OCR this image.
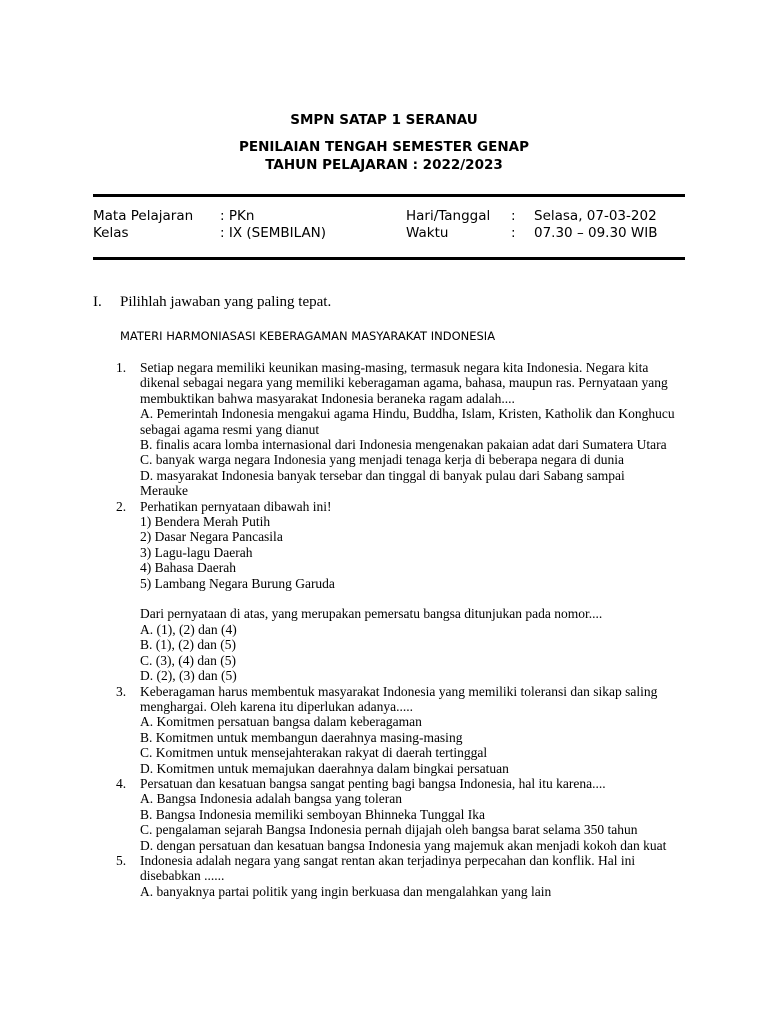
SMPN SATAP 1 SERANAU
PENILAIAN TENGAH SEMESTER GENAP
TAHUN PELAJARAN : 2022/2023
Mata Pelajaran : PKn	Hari/Tanggal : Selasa, 07-03-202
Kelas	: IX (SEMBILAN)	Waktu	: 07.30 – 09.30 WIB
I. Pilihlah jawaban yang paling tepat.
MATERI HARMONIASASI KEBERAGAMAN MASYARAKAT INDONESIA
1. Setiap negara memiliki keunikan masing-masing, termasuk negara kita Indonesia. Negara kita dikenal sebagai negara yang memiliki keberagaman agama, bahasa, maupun ras. Pernyataan yang membuktikan bahwa masyarakat Indonesia beraneka ragam adalah....
A. Pemerintah Indonesia mengakui agama Hindu, Buddha, Islam, Kristen, Katholik dan Konghucu sebagai agama resmi yang dianut
B. finalis acara lomba internasional dari Indonesia mengenakan pakaian adat dari Sumatera Utara
C. banyak warga negara Indonesia yang menjadi tenaga kerja di beberapa negara di dunia
D. masyarakat Indonesia banyak tersebar dan tinggal di banyak pulau dari Sabang sampai Merauke
2. Perhatikan pernyataan dibawah ini!
1) Bendera Merah Putih
2) Dasar Negara Pancasila
3) Lagu-lagu Daerah
4) Bahasa Daerah
5) Lambang Negara Burung Garuda
Dari pernyataan di atas, yang merupakan pemersatu bangsa ditunjukan pada nomor....
A. (1), (2) dan (4)
B. (1), (2) dan (5)
C. (3), (4) dan (5)
D. (2), (3) dan (5)
3. Keberagaman harus membentuk masyarakat Indonesia yang memiliki toleransi dan sikap saling menghargai. Oleh karena itu diperlukan adanya.....
A. Komitmen persatuan bangsa dalam keberagaman
B. Komitmen untuk membangun daerahnya masing-masing
C. Komitmen untuk mensejahterakan rakyat di daerah tertinggal
D. Komitmen untuk memajukan daerahnya dalam bingkai persatuan
4. Persatuan dan kesatuan bangsa sangat penting bagi bangsa Indonesia, hal itu karena....
A. Bangsa Indonesia adalah bangsa yang toleran
B. Bangsa Indonesia memiliki semboyan Bhinneka Tunggal Ika
C. pengalaman sejarah Bangsa Indonesia pernah dijajah oleh bangsa barat selama 350 tahun
D. dengan persatuan dan kesatuan bangsa Indonesia yang majemuk akan menjadi kokoh dan kuat
5. Indonesia adalah negara yang sangat rentan akan terjadinya perpecahan dan konflik. Hal ini disebabkan ......
A. banyaknya partai politik yang ingin berkuasa dan mengalahkan yang lain
